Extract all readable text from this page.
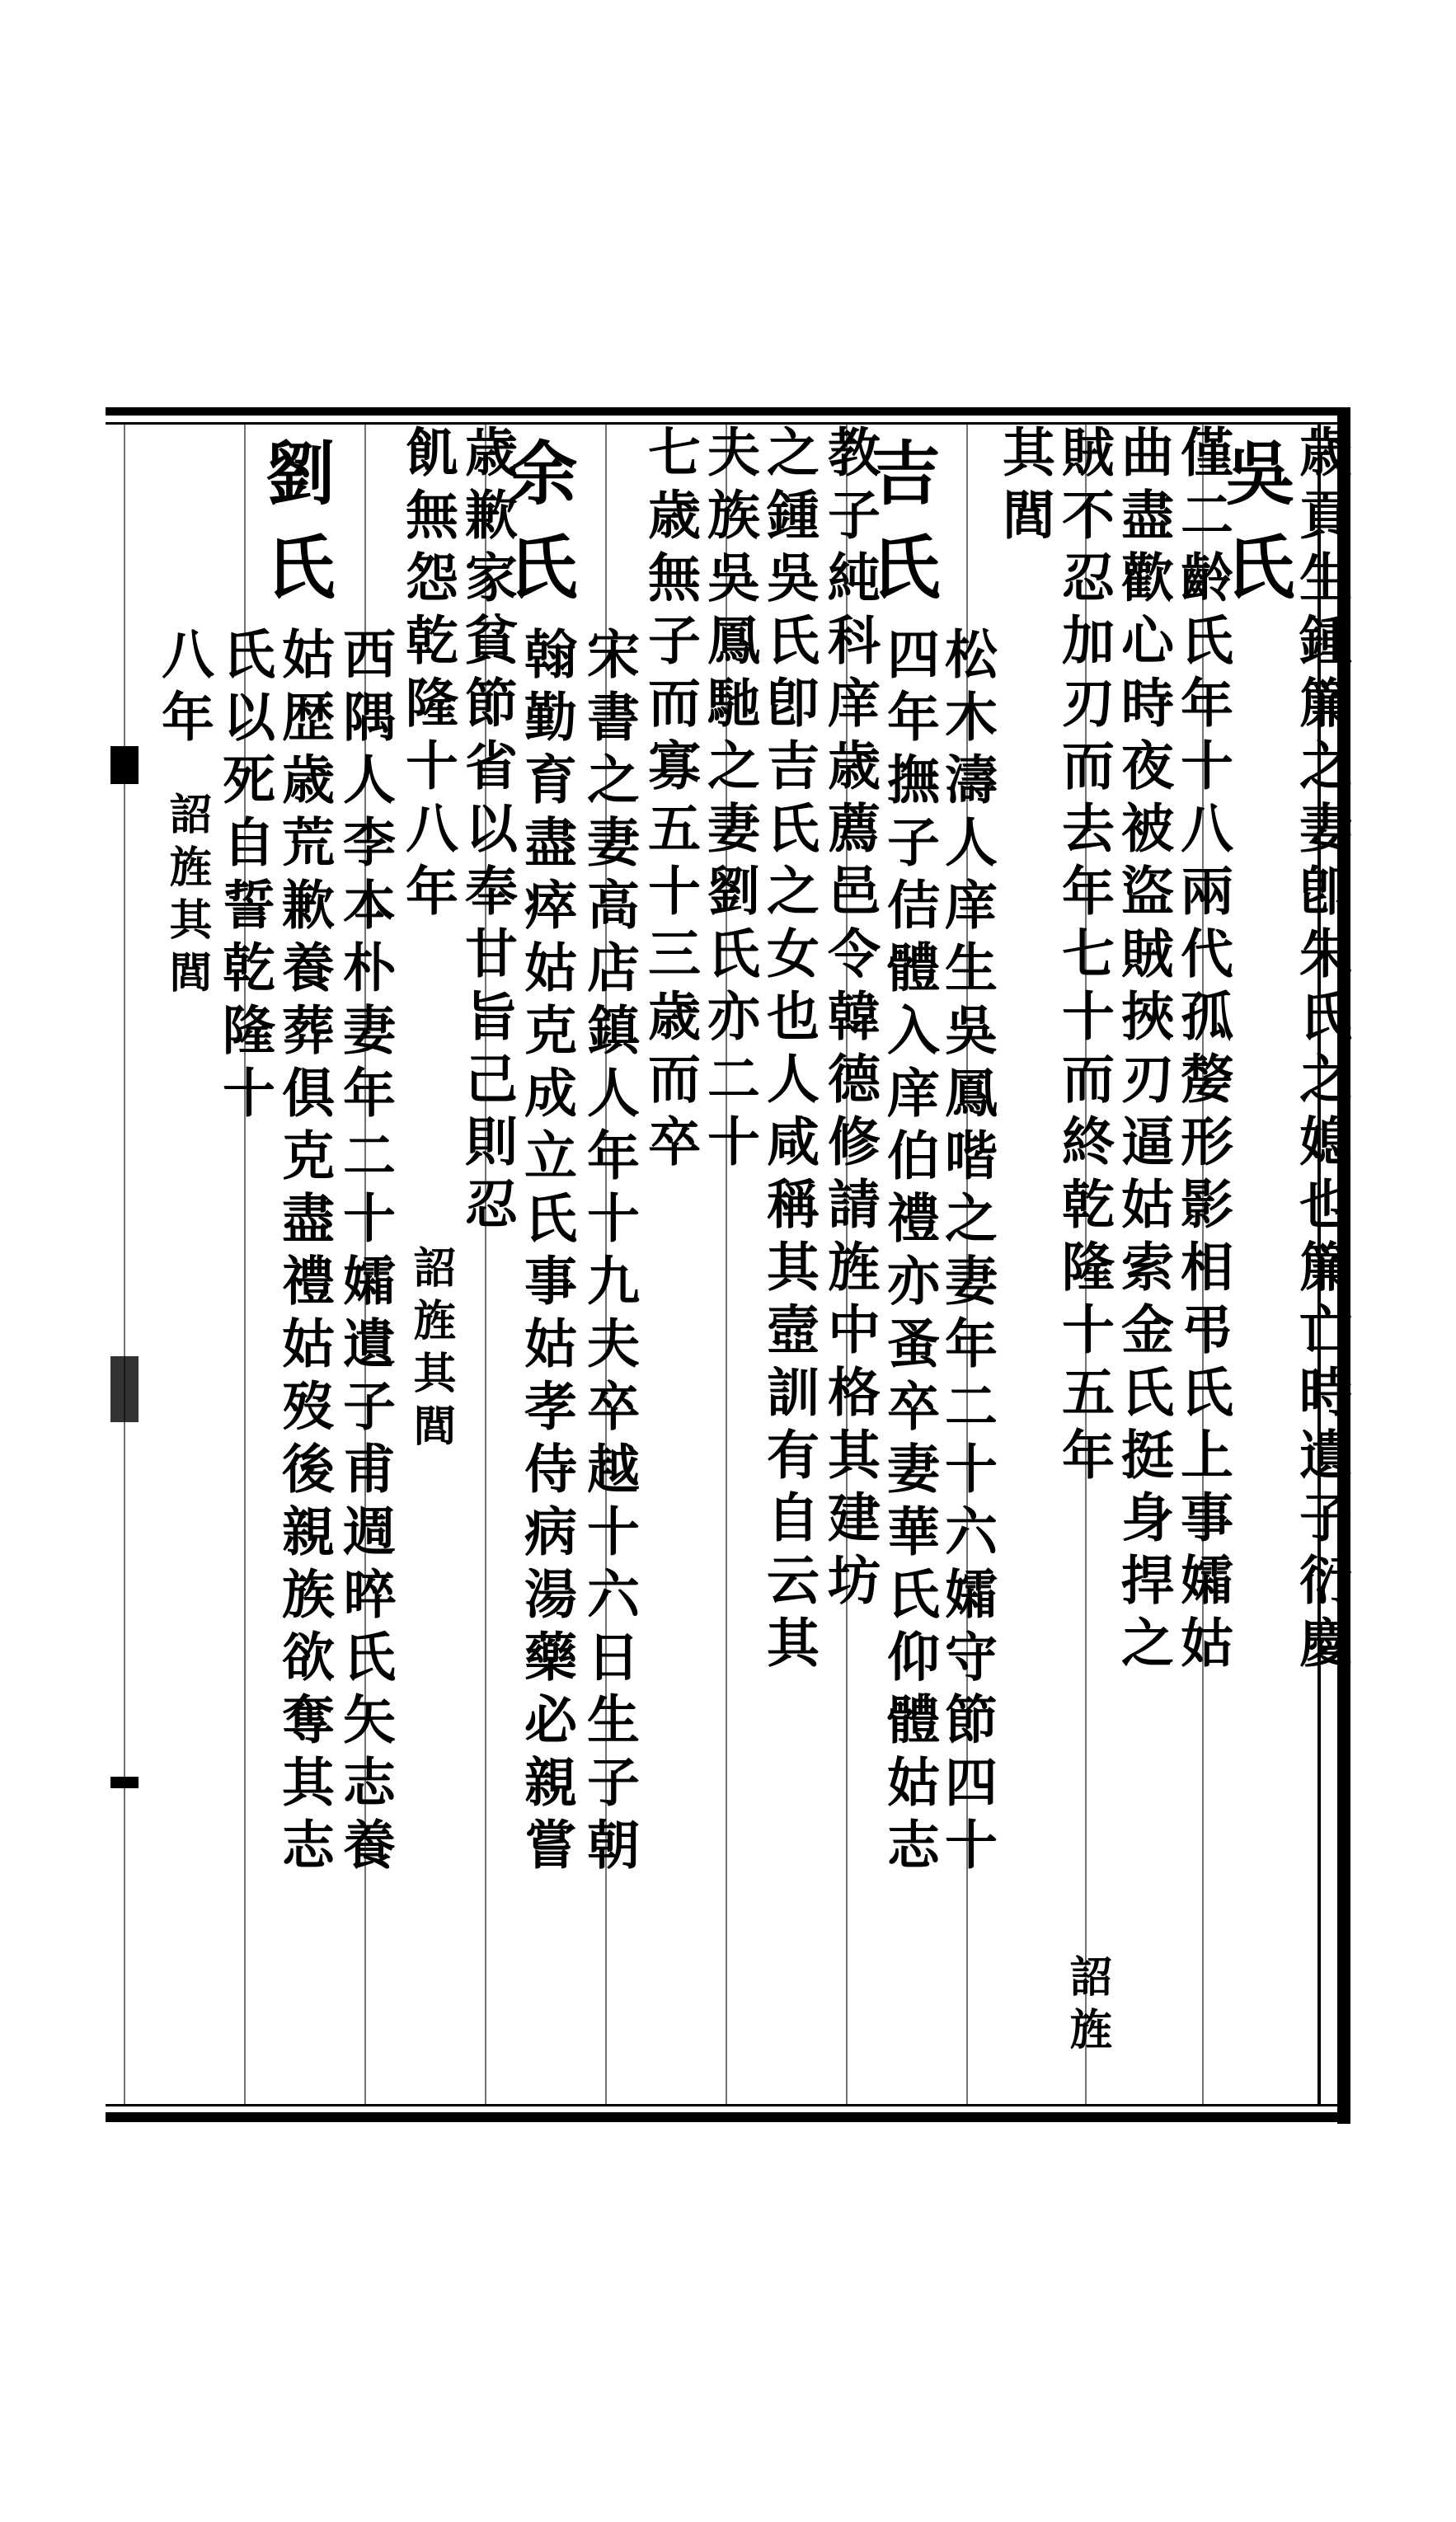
吳氏
歳貢生鍾簾之妻卽朱氏之媳也簾亡時遺子衍慶
僅二齡氏年十八兩代孤嫠形影相弔氏上事孀姑
曲盡歡心時夜被盜賊挾刃逼姑索金氏挺身捍之
賊不忍加刃而去年七十而終乾隆十五年
詔旌
其閭
吉氏
松木濤人庠生吳鳳喈之妻年二十六孀守節四十
四年撫子佶體入庠伯禮亦蚤卒妻華氏仰體姑志
教子純科庠歳薦邑令韓德修請旌中格其建坊
之鍾吳氏卽吉氏之女也人咸稱其壼訓有自云其
夫族吳鳳馳之妻劉氏亦二十
七歳無子而寡五十三歳而卒
余氏
宋書之妻高店鎮人年十九夫卒越十六日生子朝
翰勤育盡瘁姑克成立氏事姑孝侍病湯藥必親嘗
歳歉家貧節省以奉甘旨己則忍
飢無怨乾隆十八年
詔旌其閭
劉氏
西隅人李本朴妻年二十孀遺子甫週晬氏矢志養
姑歴歳荒歉養葬俱克盡禮姑歿後親族欲奪其志
氏以死自誓乾隆十
八年
詔旌其閭
